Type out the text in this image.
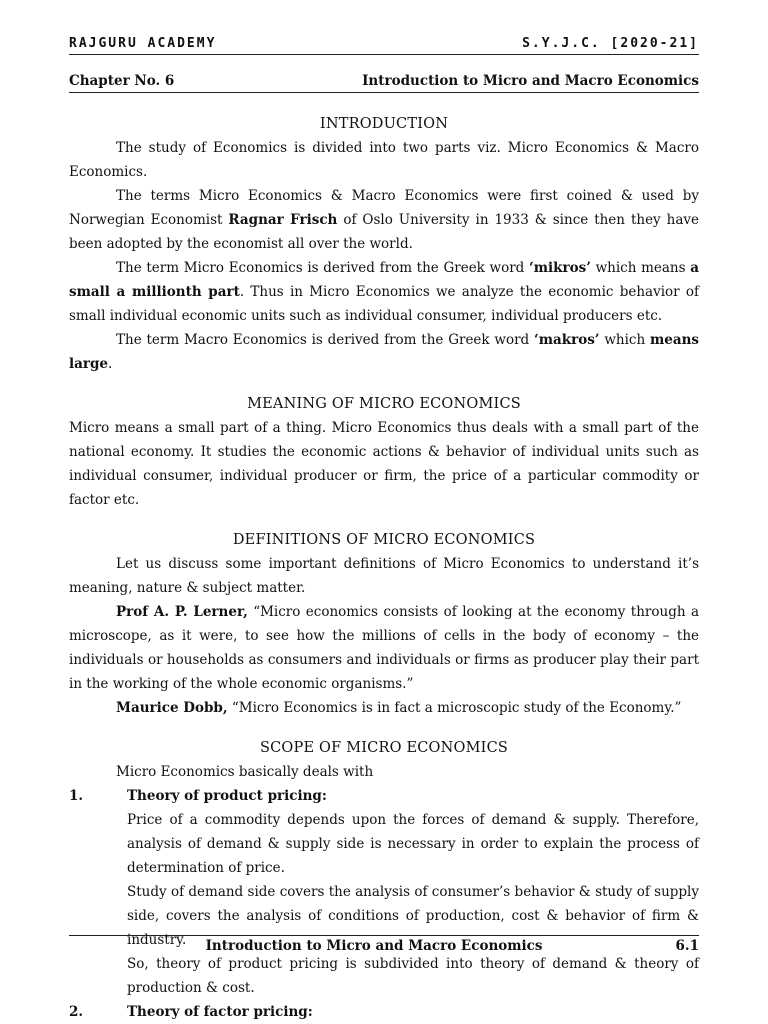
RAJGURU ACADEMY	S.Y.J.C. [2020-21]
Chapter No. 6	Introduction to Micro and Macro Economics
INTRODUCTION

The study of Economics is divided into two parts viz. Micro Economics & Macro Economics.

The terms Micro Economics & Macro Economics were first coined & used by Norwegian Economist Ragnar Frisch of Oslo University in 1933 & since then they have been adopted by the economist all over the world.

The term Micro Economics is derived from the Greek word ‘mikros’ which means a small a millionth part. Thus in Micro Economics we analyze the economic behavior of small individual economic units such as individual consumer, individual producers etc.

The term Macro Economics is derived from the Greek word ‘makros’ which means large.

MEANING OF MICRO ECONOMICS

Micro means a small part of a thing. Micro Economics thus deals with a small part of the national economy. It studies the economic actions & behavior of individual units such as individual consumer, individual producer or firm, the price of a particular commodity or factor etc.

DEFINITIONS OF MICRO ECONOMICS

Let us discuss some important definitions of Micro Economics to understand it’s meaning, nature & subject matter.

Prof A. P. Lerner, “Micro economics consists of looking at the economy through a microscope, as it were, to see how the millions of cells in the body of economy – the individuals or households as consumers and individuals or firms as producer play their part in the working of the whole economic organisms.”

Maurice Dobb, “Micro Economics is in fact a microscopic study of the Economy.”

SCOPE OF MICRO ECONOMICS

Micro Economics basically deals with

1.	Theory of product pricing:

Price of a commodity depends upon the forces of demand & supply. Therefore, analysis of demand & supply side is necessary in order to explain the process of determination of price.

Study of demand side covers the analysis of consumer’s behavior & study of supply side, covers the analysis of conditions of production, cost & behavior of firm & industry.

So, theory of product pricing is subdivided into theory of demand & theory of production & cost.

2.	Theory of factor pricing:
Introduction to Micro and Macro Economics	6.1
